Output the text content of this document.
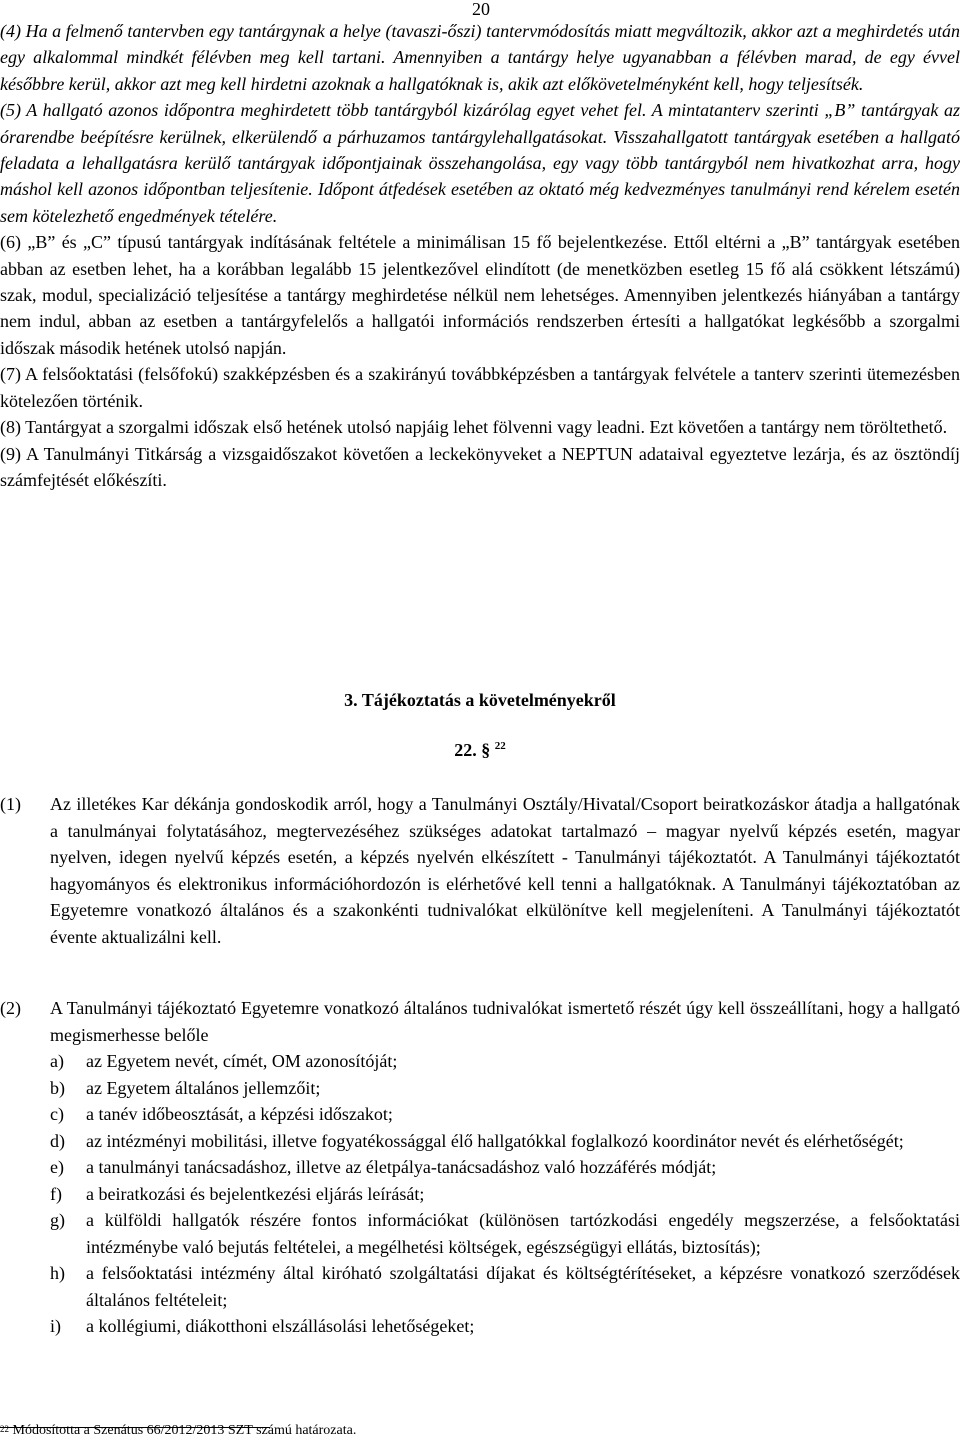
20

(4) Ha a felmenő tantervben egy tantárgynak a helye (tavaszi-őszi) tantervmódosítás miatt megváltozik, akkor azt a meghirdetés után egy alkalommal mindkét félévben meg kell tartani. Amennyiben a tantárgy helye ugyanabban a félévben marad, de egy évvel későbbre kerül, akkor azt meg kell hirdetni azoknak a hallgatóknak is, akik azt előkövetelményként kell, hogy teljesítsék.

(5) A hallgató azonos időpontra meghirdetett több tantárgyból kizárólag egyet vehet fel. A mintatanterv szerinti „B” tantárgyak az órarendbe beépítésre kerülnek, elkerülendő a párhuzamos tantárgylehallgatásokat. Visszahallgatott tantárgyak esetében a hallgató feladata a lehallgatásra kerülő tantárgyak időpontjainak összehangolása, egy vagy több tantárgyból nem hivatkozhat arra, hogy máshol kell azonos időpontban teljesítenie. Időpont átfedések esetében az oktató még kedvezményes tanulmányi rend kérelem esetén sem kötelezhető engedmények tételére.

(6) „B” és „C” típusú tantárgyak indításának feltétele a minimálisan 15 fő bejelentkezése. Ettől eltérni a „B” tantárgyak esetében abban az esetben lehet, ha a korábban legalább 15 jelentkezővel elindított (de menetközben esetleg 15 fő alá csökkent létszámú) szak, modul, specializáció teljesítése a tantárgy meghirdetése nélkül nem lehetséges. Amennyiben jelentkezés hiányában a tantárgy nem indul, abban az esetben a tantárgyfelelős a hallgatói információs rendszerben értesíti a hallgatókat legkésőbb a szorgalmi időszak második hetének utolsó napján.

(7) A felsőoktatási (felsőfokú) szakképzésben és a szakirányú továbbképzésben a tantárgyak felvétele a tanterv szerinti ütemezésben kötelezően történik.

(8) Tantárgyat a szorgalmi időszak első hetének utolsó napjáig lehet fölvenni vagy leadni. Ezt követően a tantárgy nem töröltethető.

(9) A Tanulmányi Titkárság a vizsgaidőszakot követően a leckekönyveket a NEPTUN adataival egyeztetve lezárja, és az ösztöndíj számfejtését előkészíti.

3. Tájékoztatás a követelményekről
22. § $^{22}$
(1) Az illetékes Kar dékánja gondoskodik arról, hogy a Tanulmányi Osztály/Hivatal/Csoport beiratkozáskor átadja a hallgatónak a tanulmányai folytatásához, megtervezéséhez szükséges adatokat tartalmazó – magyar nyelvű képzés esetén, magyar nyelven, idegen nyelvű képzés esetén, a képzés nyelvén elkészített - Tanulmányi tájékoztatót. A Tanulmányi tájékoztatót hagyományos és elektronikus információhordozón is elérhetővé kell tenni a hallgatóknak. A Tanulmányi tájékoztatóban az Egyetemre vonatkozó általános és a szakonkénti tudnivalókat elkülönítve kell megjeleníteni. A Tanulmányi tájékoztatót évente aktualizálni kell.
(2) A Tanulmányi tájékoztató Egyetemre vonatkozó általános tudnivalókat ismertető részét úgy kell összeállítani, hogy a hallgató megismerhesse belőle
a) az Egyetem nevét, címét, OM azonosítóját;
b) az Egyetem általános jellemzőit;
c) a tanév időbeosztását, a képzési időszakot;
d) az intézményi mobilitási, illetve fogyatékossággal élő hallgatókkal foglalkozó koordinátor nevét és elérhetőségét;
e) a tanulmányi tanácsadáshoz, illetve az életpálya-tanácsadáshoz való hozzáférés módját;
f) a beiratkozási és bejelentkezési eljárás leírását;
g) a külföldi hallgatók részére fontos információkat (különösen tartózkodási engedély megszerzése, a felsőoktatási intézménybe való bejutás feltételei, a megélhetési költségek, egészségügyi ellátás, biztosítás);
h) a felsőoktatási intézmény által kiróható szolgáltatási díjakat és költségtérítéseket, a képzésre vonatkozó szerződések általános feltételeit;
i) a kollégiumi, diákotthoni elszállásolási lehetőségeket;
$^{22}$ Módosította a Szenátus 66/2012/2013 SZT számú határozata.
